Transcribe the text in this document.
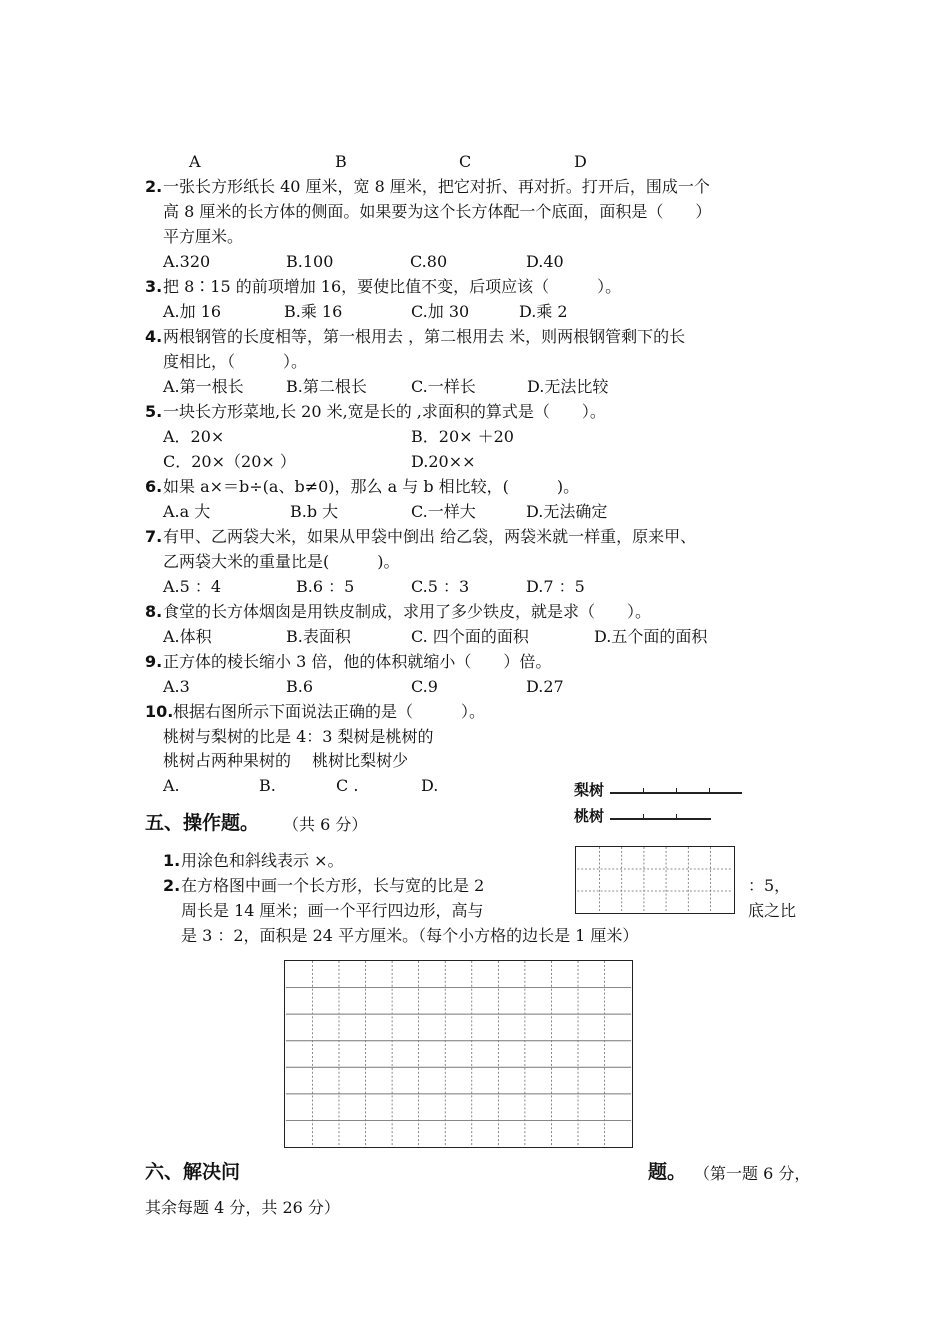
A	B	C	D
2. 一张长方形纸长 40 厘米，宽 8 厘米，把它对折、再对折。打开后，围成一个
高 8 厘米的长方体的侧面。如果要为这个长方体配一个底面，面积是（　　）
平方厘米。
A.320	B.100	C.80	D.40
3. 把 8∶15 的前项增加 16，要使比值不变，后项应该（　　　）。
A.加 16	B.乘 16	C.加 30	D.乘 2
4. 两根钢管的长度相等，第一根用去 ，第二根用去 米，则两根钢管剩下的长
度相比，（　　　）。
A.第一根长	B.第二根长	C.一样长	D.无法比较
5. 一块长方形菜地,长 20 米,宽是长的 ,求面积的算式是（　　）。
A．20×	B．20× ＋20
C．20×（20× ）	D.20××
6. 如果 a×＝b÷(a、b≠0)，那么 a 与 b 相比较，(　　　)。
A.a 大	B.b 大	C.一样大	D.无法确定
7. 有甲、乙两袋大米，如果从甲袋中倒出 给乙袋，两袋米就一样重，原来甲、
乙两袋大米的重量比是(　　　)。
A.5 ：4	B.6 ：5	C.5 ：3	D.7 ：5
8. 食堂的长方体烟囱是用铁皮制成，求用了多少铁皮，就是求（　　）。
A.体积	B.表面积	C. 四个面的面积	D.五个面的面积
9. 正方体的棱长缩小 3 倍，他的体积就缩小（　　）倍。
A.3	B.6	C.9	D.27
10. 根据右图所示下面说法正确的是（　　　）。
桃树与梨树的比是 4：3 梨树是桃树的
桃树占两种果树的　 桃树比梨树少
A.	B.	C .	D.	梨树
桃树
五、操作题。 （共 6 分）
1. 用涂色和斜线表示 ×。
2. 在方格图中画一个长方形，长与宽的比是 2	：5，
周长是 14 厘米；画一个平行四边形，高与	底之比
是 3 ：2，面积是 24 平方厘米。（每个小方格的边长是 1 厘米）
六、解决问	题。 （第一题 6 分，
其余每题 4 分，共 26 分）
